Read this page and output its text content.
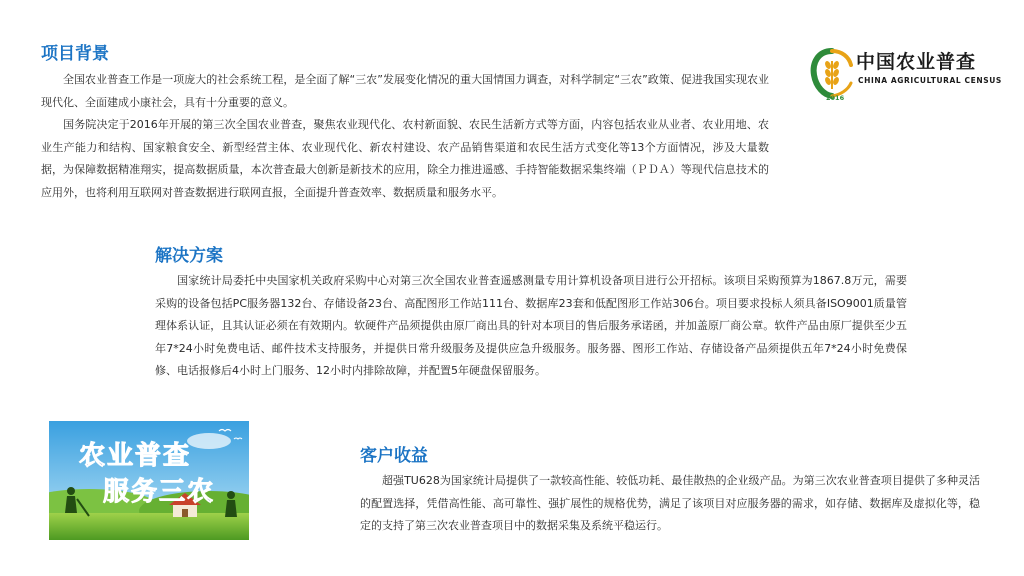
2016
中国农业普查
CHINA AGRICULTURAL CENSUS
项目背景

全国农业普查工作是一项庞大的社会系统工程，是全面了解“三农”发展变化情况的重大国情国力调查，对科学制定“三农”政策、促进我国实现农业现代化、全面建成小康社会，具有十分重要的意义。

国务院决定于2016年开展的第三次全国农业普查，聚焦农业现代化、农村新面貌、农民生活新方式等方面，内容包括农业从业者、农业用地、农业生产能力和结构、国家粮食安全、新型经营主体、农业现代化、新农村建设、农产品销售渠道和农民生活方式变化等13个方面情况，涉及大量数据，为保障数据精准翔实，提高数据质量，本次普查最大创新是新技术的应用，除全力推进遥感、手持智能数据采集终端（ＰＤＡ）等现代信息技术的应用外，也将利用互联网对普查数据进行联网直报，全面提升普查效率、数据质量和服务水平。

解决方案

国家统计局委托中央国家机关政府采购中心对第三次全国农业普查遥感测量专用计算机设备项目进行公开招标。该项目采购预算为1867.8万元，需要采购的设备包括PC服务器132台、存储设备23台、高配图形工作站111台、数据库23套和低配图形工作站306台。项目要求投标人须具备ISO9001质量管理体系认证，且其认证必须在有效期内。软硬件产品须提供由原厂商出具的针对本项目的售后服务承诺函，并加盖原厂商公章。软件产品由原厂提供至少五年7*24小时免费电话、邮件技术支持服务，并提供日常升级服务及提供应急升级服务。服务器、图形工作站、存储设备产品须提供五年7*24小时免费保修、电话报修后4小时上门服务、12小时内排除故障，并配置5年硬盘保留服务。

农业普查
服务三农
客户收益

超强TU628为国家统计局提供了一款较高性能、较低功耗、最佳散热的企业级产品。为第三次农业普查项目提供了多种灵活的配置选择，凭借高性能、高可靠性、强扩展性的规格优势，满足了该项目对应服务器的需求，如存储、数据库及虚拟化等，稳定的支持了第三次农业普查项目中的数据采集及系统平稳运行。
